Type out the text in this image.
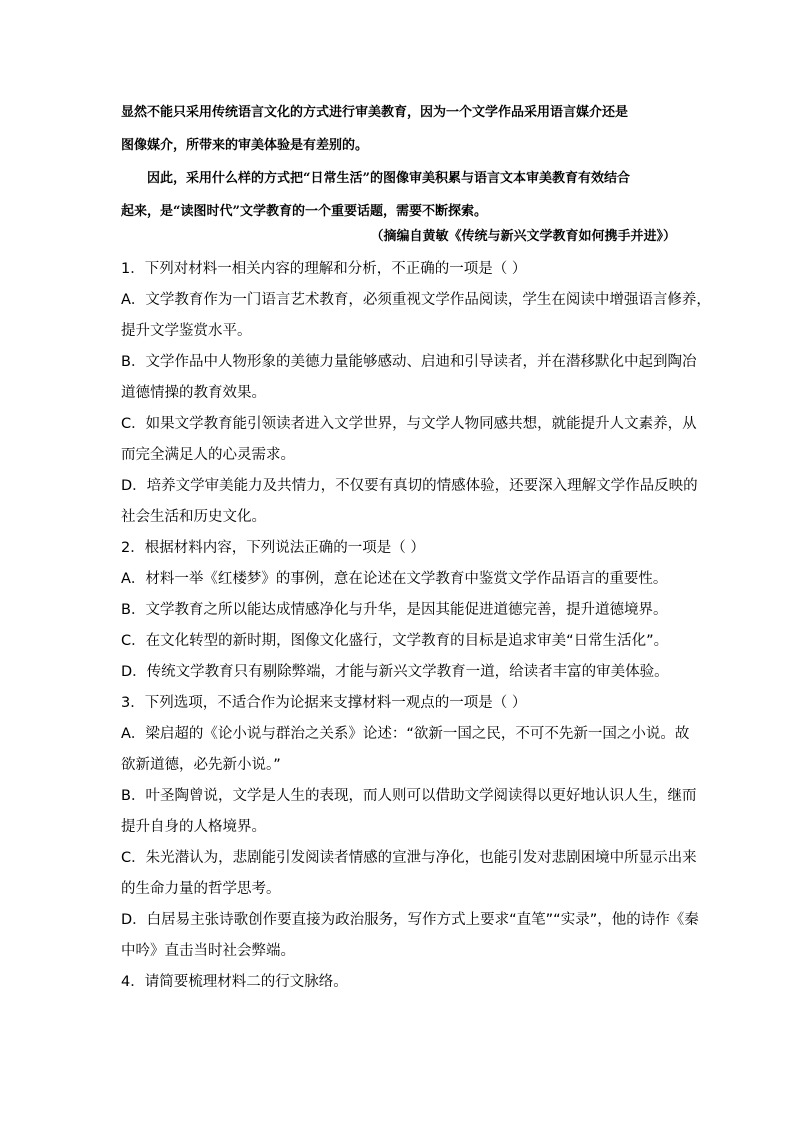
显然不能只采用传统语言文化的方式进行审美教育，因为一个文学作品采用语言媒介还是
图像媒介，所带来的审美体验是有差别的。
因此，采用什么样的方式把“日常生活”的图像审美积累与语言文本审美教育有效结合
起来，是“读图时代”文学教育的一个重要话题，需要不断探索。
（摘编自黄敏《传统与新兴文学教育如何携手并进》）
1．下列对材料一相关内容的理解和分析，不正确的一项是（ ）
A．文学教育作为一门语言艺术教育，必须重视文学作品阅读，学生在阅读中增强语言修养，
提升文学鉴赏水平。
B．文学作品中人物形象的美德力量能够感动、启迪和引导读者，并在潜移默化中起到陶冶
道德情操的教育效果。
C．如果文学教育能引领读者进入文学世界，与文学人物同感共想，就能提升人文素养，从
而完全满足人的心灵需求。
D．培养文学审美能力及共情力，不仅要有真切的情感体验，还要深入理解文学作品反映的
社会生活和历史文化。
2．根据材料内容，下列说法正确的一项是（ ）
A．材料一举《红楼梦》的事例，意在论述在文学教育中鉴赏文学作品语言的重要性。
B．文学教育之所以能达成情感净化与升华，是因其能促进道德完善，提升道德境界。
C．在文化转型的新时期，图像文化盛行，文学教育的目标是追求审美“日常生活化”。
D．传统文学教育只有剔除弊端，才能与新兴文学教育一道，给读者丰富的审美体验。
3．下列选项，不适合作为论据来支撑材料一观点的一项是（ ）
A．梁启超的《论小说与群治之关系》论述：“欲新一国之民，不可不先新一国之小说。故
欲新道德，必先新小说。”
B．叶圣陶曾说，文学是人生的表现，而人则可以借助文学阅读得以更好地认识人生，继而
提升自身的人格境界。
C．朱光潜认为，悲剧能引发阅读者情感的宣泄与净化，也能引发对悲剧困境中所显示出来
的生命力量的哲学思考。
D．白居易主张诗歌创作要直接为政治服务，写作方式上要求“直笔”“实录”，他的诗作《秦
中吟》直击当时社会弊端。
4．请简要梳理材料二的行文脉络。
